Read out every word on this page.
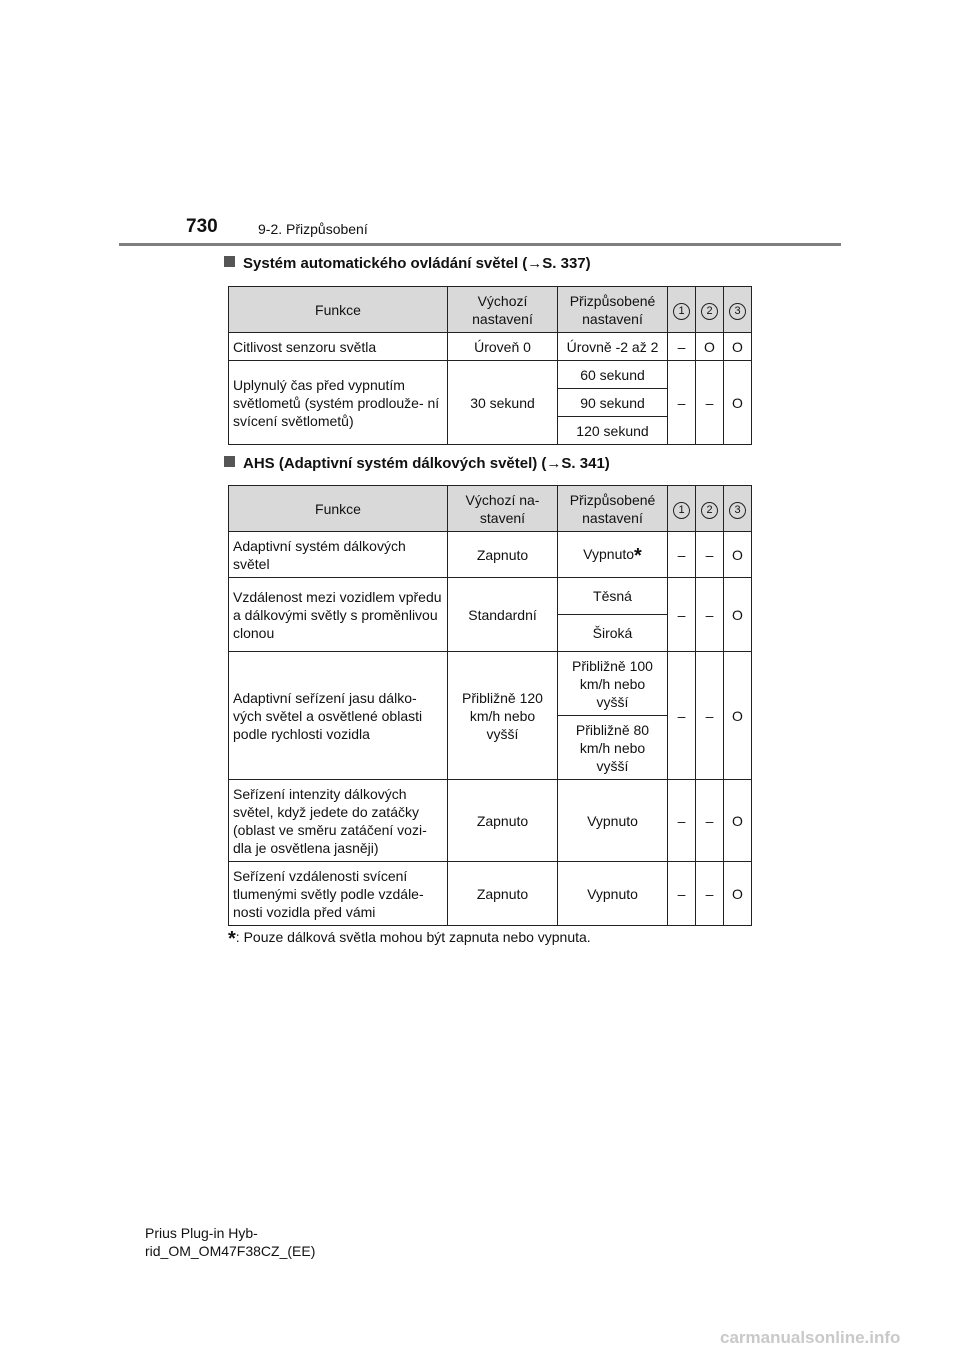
730	9-2. Přizpůsobení
Systém automatického ovládání světel (→S. 337)
Funkce	Výchozí nastavení	Přizpůsobené nastavení	1	2	3
Citlivost senzoru světla	Úroveň 0	Úrovně -2 až 2	–	O	O
Uplynulý čas před vypnutím světlometů (systém prodlouže- ní svícení světlometů)	30 sekund	60 sekund	–	–	O
		90 sekund			
		120 sekund			
AHS (Adaptivní systém dálkových světel) (→S. 341)
Funkce	Výchozí na- stavení	Přizpůsobené nastavení	1	2	3
Adaptivní systém dálkových světel	Zapnuto	Vypnuto*	–	–	O
Vzdálenost mezi vozidlem vpředu a dálkovými světly s proměnlivou clonou	Standardní	Těsná	–	–	O
		Široká			
Adaptivní seřízení jasu dálko- vých světel a osvětlené oblasti podle rychlosti vozidla	Přibližně 120 km/h nebo vyšší	Přibližně 100 km/h nebo vyšší	–	–	O
		Přibližně 80 km/h nebo vyšší			
Seřízení intenzity dálkových světel, když jedete do zatáčky (oblast ve směru zatáčení vozi- dla je osvětlena jasněji)	Zapnuto	Vypnuto	–	–	O
Seřízení vzdálenosti svícení tlumenými světly podle vzdále- nosti vozidla před vámi	Zapnuto	Vypnuto	–	–	O
*: Pouze dálková světla mohou být zapnuta nebo vypnuta.
Prius Plug-in Hyb-
rid_OM_OM47F38CZ_(EE)
carmanualsonline.info
